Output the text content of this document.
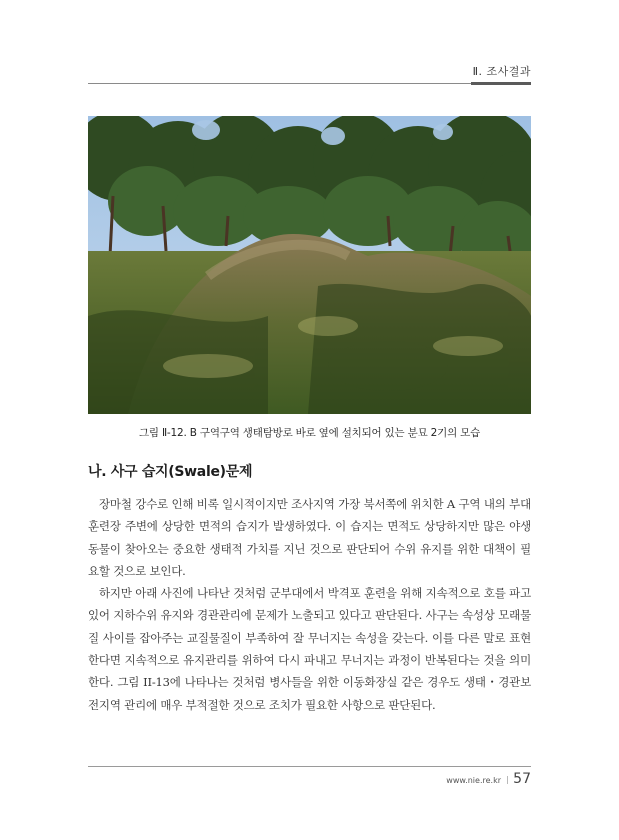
Ⅱ. 조사결과
그림 Ⅱ-12. B 구역구역 생태탐방로 바로 옆에 설치되어 있는 분묘 2기의 모습
나. 사구 습지(Swale)문제

장마철 강수로 인해 비록 일시적이지만 조사지역 가장 북서쪽에 위치한 A 구역 내의 부대 훈련장 주변에 상당한 면적의 습지가 발생하였다. 이 습지는 면적도 상당하지만 많은 야생동물이 찾아오는 중요한 생태적 가치를 지닌 것으로 판단되어 수위 유지를 위한 대책이 필요할 것으로 보인다.

하지만 아래 사진에 나타난 것처럼 군부대에서 박격포 훈련을 위해 지속적으로 호를 파고 있어 지하수위 유지와 경관관리에 문제가 노출되고 있다고 판단된다. 사구는 속성상 모래물질 사이를 잡아주는 교질물질이 부족하여 잘 무너지는 속성을 갖는다. 이를 다른 말로 표현한다면 지속적으로 유지관리를 위하여 다시 파내고 무너지는 과정이 반복된다는 것을 의미한다. 그림 II-13에 나타나는 것처럼 병사들을 위한 이동화장실 같은 경우도 생태・경관보전지역 관리에 매우 부적절한 것으로 조치가 필요한 사항으로 판단된다.

www.nie.re.kr | 57
